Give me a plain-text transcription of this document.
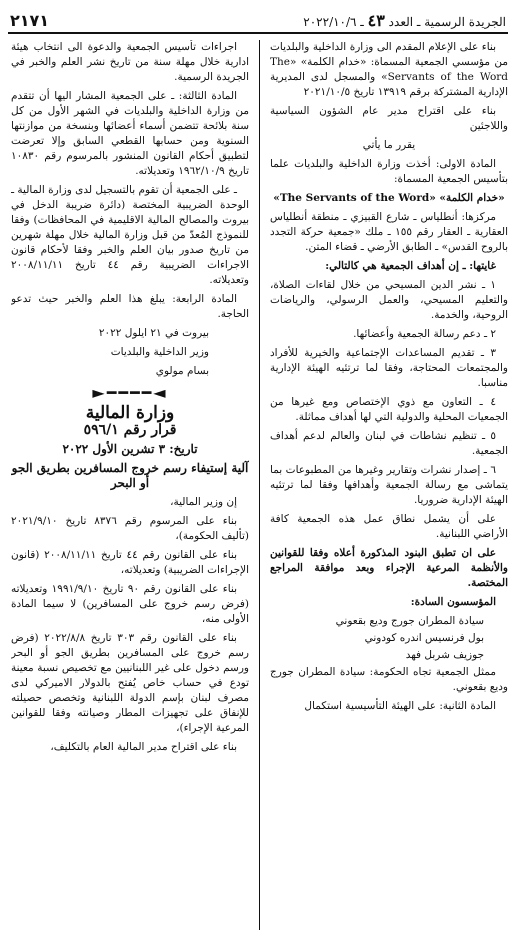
الجريدة الرسمية ـ العدد ٤٣ ـ ٢٠٢٢/١٠/٦
٢١٧١

بناء على الإعلام المقدم الى وزارة الداخلية والبلديات من مؤسسي الجمعية المسماة: «خدام الكلمة» «The Servants of the Word» والمسجل لدى المديرية الإدارية المشتركة برقم ١٣٩١٩ تاريخ ٢٠٢١/١٠/٥

بناء على اقتراح مدير عام الشؤون السياسية واللاجئين

يقرر ما يأتي

المادة الاولى: أخذت وزارة الداخلية والبلديات علما بتأسيس الجمعية المسماة:

«خدام الكلمة» «The Servants of the Word»

مركزها: أنطلياس ـ شارع القبيزي ـ منطقة أنطلياس العقارية ـ العقار رقم ١٥٥ ـ ملك «جمعية حركة التجدد بالروح القدس» ـ الطابق الأرضي ـ قضاء المتن.

غايتها: ـ إن أهداف الجمعية هي كالتالي:

١ ـ نشر الدين المسيحي من خلال لقاءات الصلاة، والتعليم المسيحي، والعمل الرسولي، والرياضات الروحية، والخدمة.

٢ ـ دعم رسالة الجمعية وأعضائها.

٣ ـ تقديم المساعدات الإجتماعية والخيرية للأفراد والمجتمعات المحتاجة، وفقا لما ترتئيه الهيئة الإدارية مناسبا.

٤ ـ التعاون مع ذوي الإختصاص ومع غيرها من الجمعيات المحلية والدولية التي لها أهداف مماثلة.

٥ ـ تنظيم نشاطات في لبنان والعالم لدعم أهداف الجمعية.

٦ ـ إصدار نشرات وتقارير وغيرها من المطبوعات بما يتماشى مع رسالة الجمعية وأهدافها وفقا لما ترتئيه الهيئة الإدارية ضروريا.

على أن يشمل نطاق عمل هذه الجمعية كافة الأراضي اللبنانية.

على ان تطبق البنود المذكورة أعلاه وفقا للقوانين والأنظمة المرعية الإجراء وبعد موافقة المراجع المختصة.

المؤسسون السادة:

سيادة المطران جورج وديع بقعوني

بول فرنسيس اندره كودوني

جوزيف شربل فهد

ممثل الجمعية تجاه الحكومة: سيادة المطران جورج وديع بقعوني.

المادة الثانية: على الهيئة التأسيسية استكمال

اجراءات تأسيس الجمعية والدعوة الى انتخاب هيئة ادارية خلال مهلة سنة من تاريخ نشر العلم والخبر في الجريدة الرسمية.

المادة الثالثة: ـ على الجمعية المشار اليها أن تتقدم من وزارة الداخلية والبلديات في الشهر الأول من كل سنة بلائحة تتضمن أسماء أعضائها وبنسخة من موازنتها السنوية ومن حسابها القطعي السابق وإلا تعرضت لتطبيق أحكام القانون المنشور بالمرسوم رقم ١٠٨٣٠ تاريخ ١٩٦٢/١٠/٩ وتعديلاته.

ـ على الجمعية أن تقوم بالتسجيل لدى وزارة المالية ـ الوحدة الضريبية المختصة (دائرة ضريبة الدخل في بيروت والمصالح المالية الاقليمية في المحافظات) وفقا للنموذج المُعدّ من قبل وزارة المالية خلال مهلة شهرين من تاريخ صدور بيان العلم والخبر وفقا لأحكام قانون الاجراءات الضريبية رقم ٤٤ تاريخ ٢٠٠٨/١١/١١ وتعديلاته.

المادة الرابعة: يبلغ هذا العلم والخبر حيث تدعو الحاجة.

بيروت في ٢١ ايلول ٢٠٢٢

وزير الداخلية والبلديات

بسام مولوي

◄━━━━►
وزارة المالية
قرار رقم ٥٩٦/١

تاريخ: ٣ تشرين الأول ٢٠٢٢

آلية إستيفاء رسم خروج المسافرين بطريق الجو أو البحر

إن وزير المالية،

بناء على المرسوم رقم ٨٣٧٦ تاريخ ٢٠٢١/٩/١٠ (تأليف الحكومة)،

بناء على القانون رقم ٤٤ تاريخ ٢٠٠٨/١١/١١ (قانون الإجراءات الضريبية) وتعديلاته،

بناء على القانون رقم ٩٠ تاريخ ١٩٩١/٩/١٠ وتعديلاته (فرض رسم خروج على المسافرين) لا سيما المادة الأولى منه،

بناء على القانون رقم ٣٠٣ تاريخ ٢٠٢٢/٨/٨ (فرض رسم خروج على المسافرين بطريق الجو أو البحر ورسم دخول على غير اللبنانيين مع تخصيص نسبة معينة تودع في حساب خاص يُفتح بالدولار الاميركي لدى مصرف لبنان بإسم الدولة اللبنانية وتخصص حصيلته للإنفاق على تجهيزات المطار وصيانته وفقا للقوانين المرعية الإجراء)،

بناء على اقتراح مدير المالية العام بالتكليف،
